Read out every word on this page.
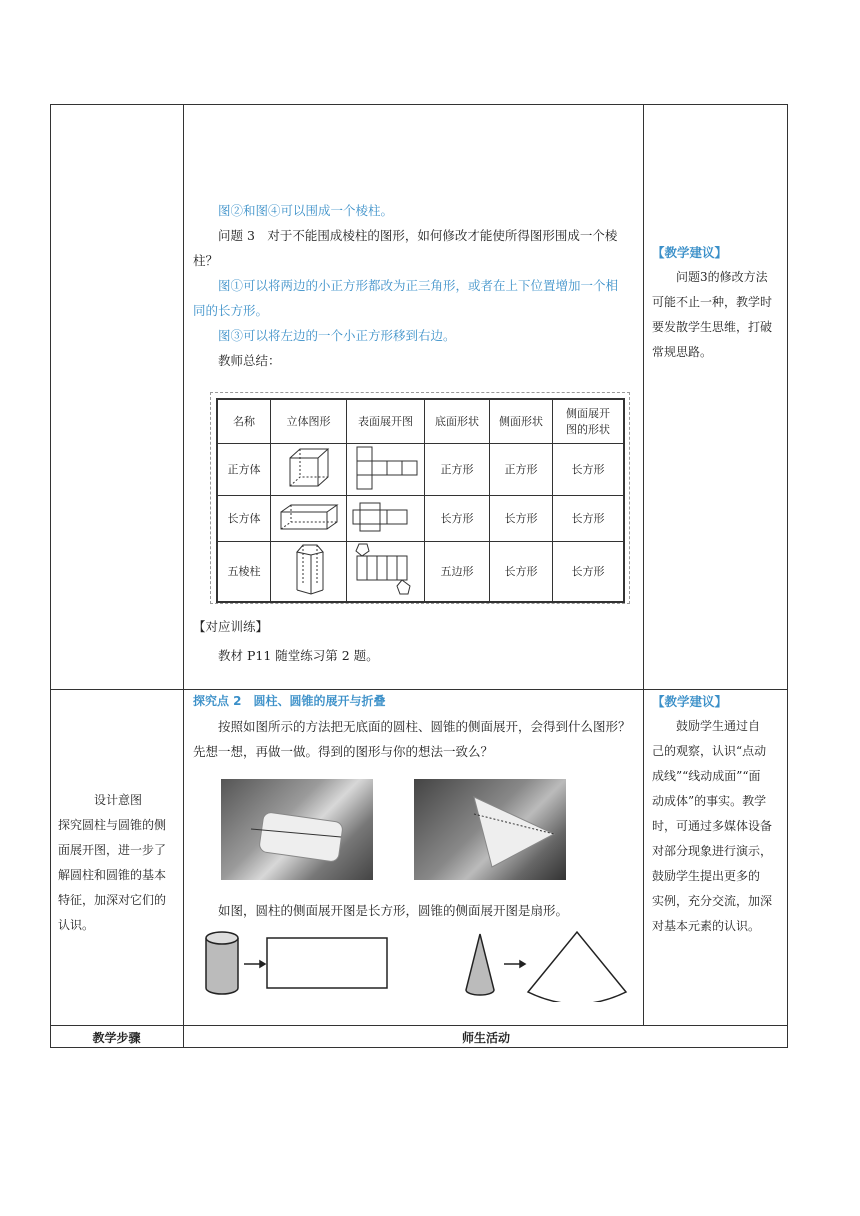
图②和图④可以围成一个棱柱。

问题 3　对于不能围成棱柱的图形，如何修改才能使所得图形围成一个棱

柱？

图①可以将两边的小正方形都改为正三角形，或者在上下位置增加一个相

同的长方形。

图③可以将左边的一个小正方形移到右边。

教师总结：

名称	立体图形	表面展开图	底面形状	侧面形状	侧面展开
图的形状

正方体			正方形	正方形	长方形
长方体			长方形	长方形	长方形
五棱柱			五边形	长方形	长方形

【对应训练】

教材 P11 随堂练习第 2 题。

【教学建议】
问题3的修改方法
可能不止一种，教学时
要发散学生思维，打破
常规思路。

探究点 2　圆柱、圆锥的展开与折叠

按照如图所示的方法把无底面的圆柱、圆锥的侧面展开，会得到什么图形？

先想一想，再做一做。得到的图形与你的想法一致么？

如图，圆柱的侧面展开图是长方形，圆锥的侧面展开图是扇形。

设计意图
探究圆柱与圆锥的侧
面展开图，进一步了
解圆柱和圆锥的基本
特征，加深对它们的
认识。
【教学建议】
鼓励学生通过自
己的观察，认识“点动
成线”“线动成面”“面
动成体”的事实。教学
时，可通过多媒体设备
对部分现象进行演示，
鼓励学生提出更多的
实例，充分交流，加深
对基本元素的认识。
教学步骤	师生活动
